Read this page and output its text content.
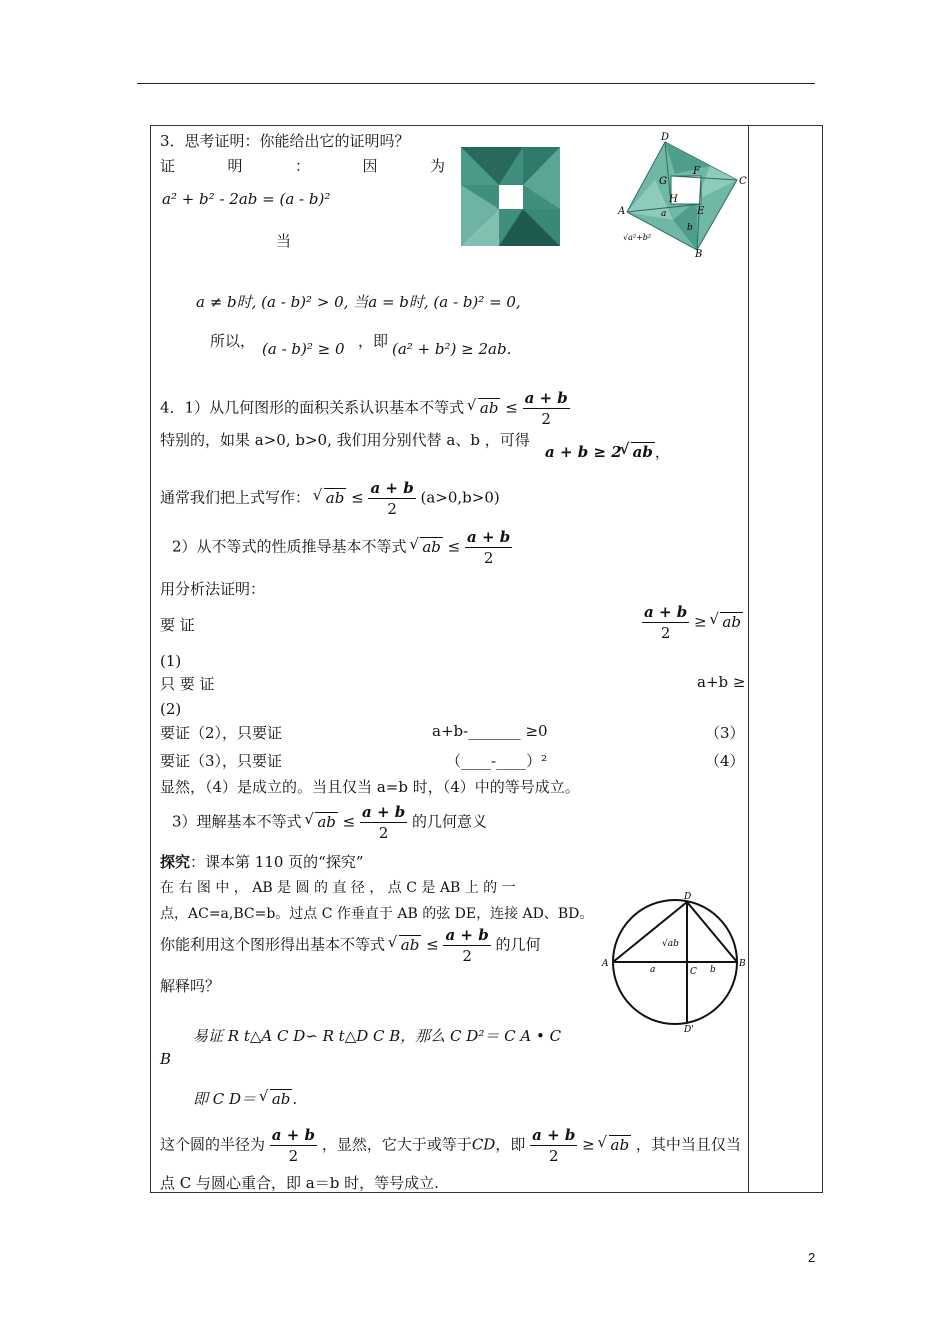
3．思考证明：你能给出它的证明吗？
证	明	：	因	为
a² + b² - 2ab = (a - b)²
当
D
C
A
B
G
F
H
E
a
b
√a²+b²
a ≠ b时, (a - b)² > 0, 当a = b时, (a - b)² = 0,
所以， (a - b)² ≥ 0 ，即 (a² + b²) ≥ 2ab.
4．1）从几何图形的面积关系认识基本不等式 √ ab ≤ $\frac{a + b}{2}$
特别的，如果 a>0, b>0, 我们用分别代替 a、b ，可得
a + b ≥ 2 √ ab ，
通常我们把上式写作： √ ab ≤ $\frac{a + b}{2} (a>0,b>0)$
2）从不等式的性质推导基本不等式 √ ab ≤ $\frac{a + b}{2}$
用分析法证明：
要 证	$\frac{a + b}{2}$ ≥ √ ab
(1)
只 要 证	a+b ≥
(2)
要证（2），只要证	a+b-_______ ≥0	（3）
要证（3），只要证	（____-____）²	（4）
显然，（4）是成立的。当且仅当 a=b 时，（4）中的等号成立。
3）理解基本不等式 √ ab ≤ $\frac{a + b}{2}$ 的几何意义
探究：课本第 110 页的“探究”
在 右 图 中 ， AB 是 圆 的 直 径 ， 点 C 是 AB 上 的 一
点，AC=a,BC=b。过点 C 作垂直于 AB 的弦 DE，连接 AD、BD。
你能利用这个图形得出基本不等式 √ ab ≤ $\frac{a + b}{2}$ 的几何
解释吗？
A	B
C
D
D'
a	b
√ab
易证 R t△A C D∽ R t△D C B，那么 C D²＝ C A • C
B
即 C D＝ √ ab .
这个圆的半径为 $\frac{a + b}{2}$ ，显然，它大于或等于CD，即 $\frac{a + b}{2}$ ≥ √ ab ，其中当且仅当
点 C 与圆心重合，即 a＝b 时，等号成立.
2
